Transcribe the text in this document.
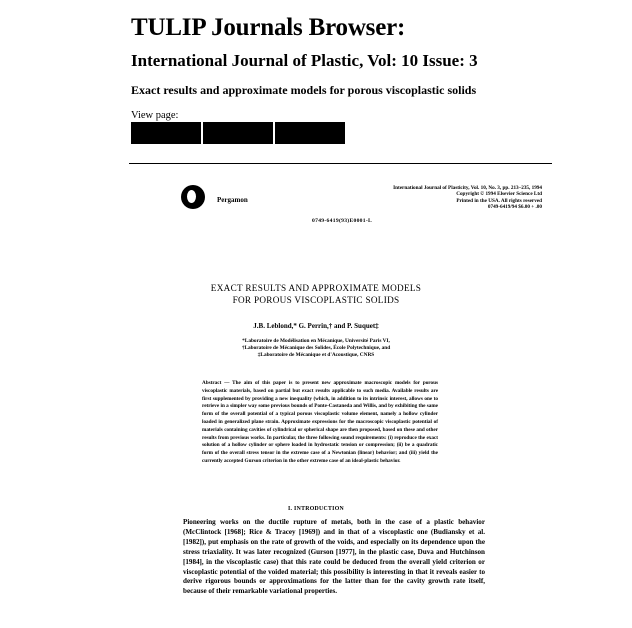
TULIP Journals Browser:
International Journal of Plastic, Vol: 10 Issue: 3
Exact results and approximate models for porous viscoplastic solids
View page:
Pergamon
International Journal of Plasticity, Vol. 10, No. 3, pp. 213–235, 1994
Copyright © 1994 Elsevier Science Ltd
Printed in the USA. All rights reserved
0749-6419/94 $6.00 + .00
0749-6419(93)E0001-L
EXACT RESULTS AND APPROXIMATE MODELS
FOR POROUS VISCOPLASTIC SOLIDS
J.B. Leblond,* G. Perrin,† and P. Suquet‡
*Laboratoire de Modélisation en Mécanique, Université Paris VI,
†Laboratoire de Mécanique des Solides, École Polytechnique, and
‡Laboratoire de Mécanique et d'Acoustique, CNRS
Abstract — The aim of this paper is to present new approximate macroscopic models for porous viscoplastic materials, based on partial but exact results applicable to such media. Available results are first supplemented by providing a new inequality (which, in addition to its intrinsic interest, allows one to retrieve in a simpler way some previous bounds of Ponte-Castaneda and Willis, and by exhibiting the same form of the overall potential of a typical porous viscoplastic volume element, namely a hollow cylinder loaded in generalized plane strain. Approximate expressions for the macroscopic viscoplastic potential of materials containing cavities of cylindrical or spherical shape are then proposed, based on these and other results from previous works. In particular, the three following sound requirements: (i) reproduce the exact solution of a hollow cylinder or sphere loaded in hydrostatic tension or compression; (ii) be a quadratic form of the overall stress tensor in the extreme case of a Newtonian (linear) behavior; and (iii) yield the currently accepted Gurson criterion in the other extreme case of an ideal-plastic behavior.
I. INTRODUCTION
Pioneering works on the ductile rupture of metals, both in the case of a plastic behavior (McClintock [1968]; Rice & Tracey [1969]) and in that of a viscoplastic one (Budiansky et al. [1982]), put emphasis on the rate of growth of the voids, and especially on its dependence upon the stress triaxiality. It was later recognized (Gurson [1977], in the plastic case, Duva and Hutchinson [1984], in the viscoplastic case) that this rate could be deduced from the overall yield criterion or viscoplastic potential of the voided material; this possibility is interesting in that it reveals easier to derive rigorous bounds or approximations for the latter than for the cavity growth rate itself, because of their remarkable variational properties.
